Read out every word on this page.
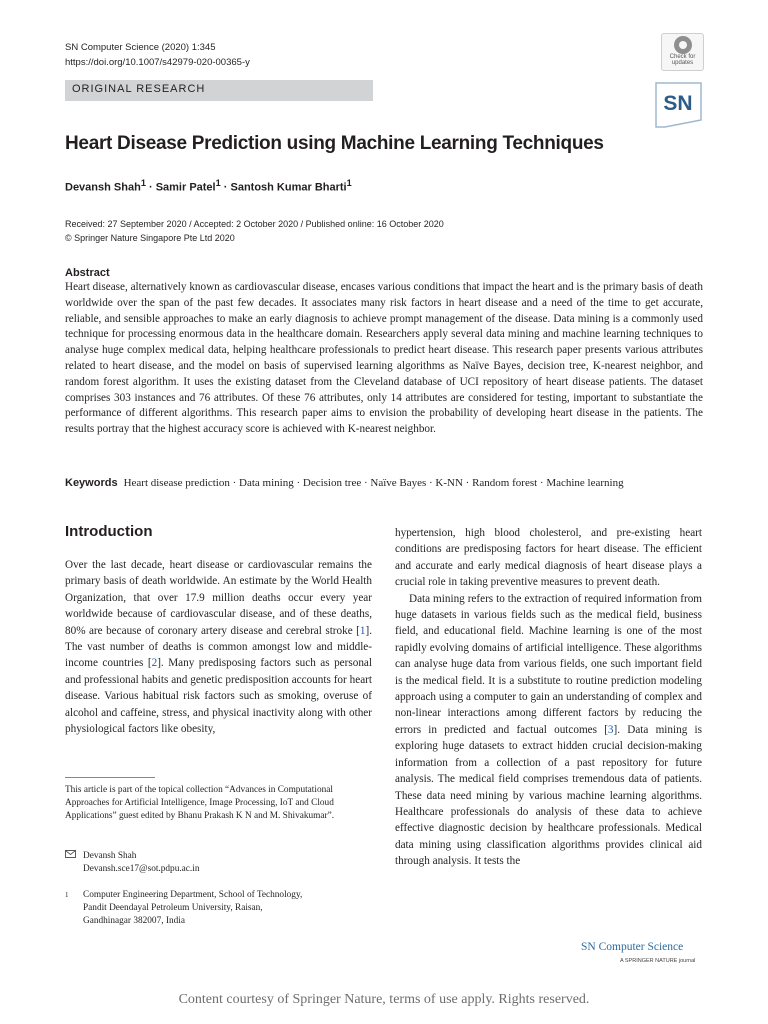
SN Computer Science (2020) 1:345
https://doi.org/10.1007/s42979-020-00365-y	Check for
updates
ORIGINAL RESEARCH
SN
Heart Disease Prediction using Machine Learning Techniques
Devansh Shah$^1$ · Samir Patel$^1$ · Santosh Kumar Bharti$^1$
Received: 27 September 2020 / Accepted: 2 October 2020 / Published online: 16 October 2020
© Springer Nature Singapore Pte Ltd 2020
Abstract
Heart disease, alternatively known as cardiovascular disease, encases various conditions that impact the heart and is the primary basis of death worldwide over the span of the past few decades. It associates many risk factors in heart disease and a need of the time to get accurate, reliable, and sensible approaches to make an early diagnosis to achieve prompt management of the disease. Data mining is a commonly used technique for processing enormous data in the healthcare domain. Researchers apply several data mining and machine learning techniques to analyse huge complex medical data, helping healthcare professionals to predict heart disease. This research paper presents various attributes related to heart disease, and the model on basis of supervised learning algorithms as Naïve Bayes, decision tree, K-nearest neighbor, and random forest algorithm. It uses the existing dataset from the Cleveland database of UCI repository of heart disease patients. The dataset comprises 303 instances and 76 attributes. Of these 76 attributes, only 14 attributes are considered for testing, important to substantiate the performance of different algorithms. This research paper aims to envision the probability of developing heart disease in the patients. The results portray that the highest accuracy score is achieved with K-nearest neighbor.
Keywords Heart disease prediction · Data mining · Decision tree · Naïve Bayes · K-NN · Random forest · Machine learning
Introduction

Over the last decade, heart disease or cardiovascular remains the primary basis of death worldwide. An estimate by the World Health Organization, that over 17.9 million deaths occur every year worldwide because of cardiovascular disease, and of these deaths, 80% are because of coronary artery disease and cerebral stroke [1]. The vast number of deaths is common amongst low and middle-income countries [2]. Many predisposing factors such as personal and professional habits and genetic predisposition accounts for heart disease. Various habitual risk factors such as smoking, overuse of alcohol and caffeine, stress, and physical inactivity along with other physiological factors like obesity,

hypertension, high blood cholesterol, and pre-existing heart conditions are predisposing factors for heart disease. The efficient and accurate and early medical diagnosis of heart disease plays a crucial role in taking preventive measures to prevent death.

Data mining refers to the extraction of required information from huge datasets in various fields such as the medical field, business field, and educational field. Machine learning is one of the most rapidly evolving domains of artificial intelligence. These algorithms can analyse huge data from various fields, one such important field is the medical field. It is a substitute to routine prediction modeling approach using a computer to gain an understanding of complex and non-linear interactions among different factors by reducing the errors in predicted and factual outcomes [3]. Data mining is exploring huge datasets to extract hidden crucial decision-making information from a collection of a past repository for future analysis. The medical field comprises tremendous data of patients. These data need mining by various machine learning algorithms. Healthcare professionals do analysis of these data to achieve effective diagnostic decision by healthcare professionals. Medical data mining using classification algorithms provides clinical aid through analysis. It tests the

This article is part of the topical collection “Advances in Computational Approaches for Artificial Intelligence, Image Processing, IoT and Cloud Applications” guest edited by Bhanu Prakash K N and M. Shivakumar”.
Devansh Shah
Devansh.sce17@sot.pdpu.ac.in
1 Computer Engineering Department, School of Technology,
Pandit Deendayal Petroleum University, Raisan,
Gandhinagar 382007, India
SN Computer Science
A SPRINGER NATURE journal
Content courtesy of Springer Nature, terms of use apply. Rights reserved.
